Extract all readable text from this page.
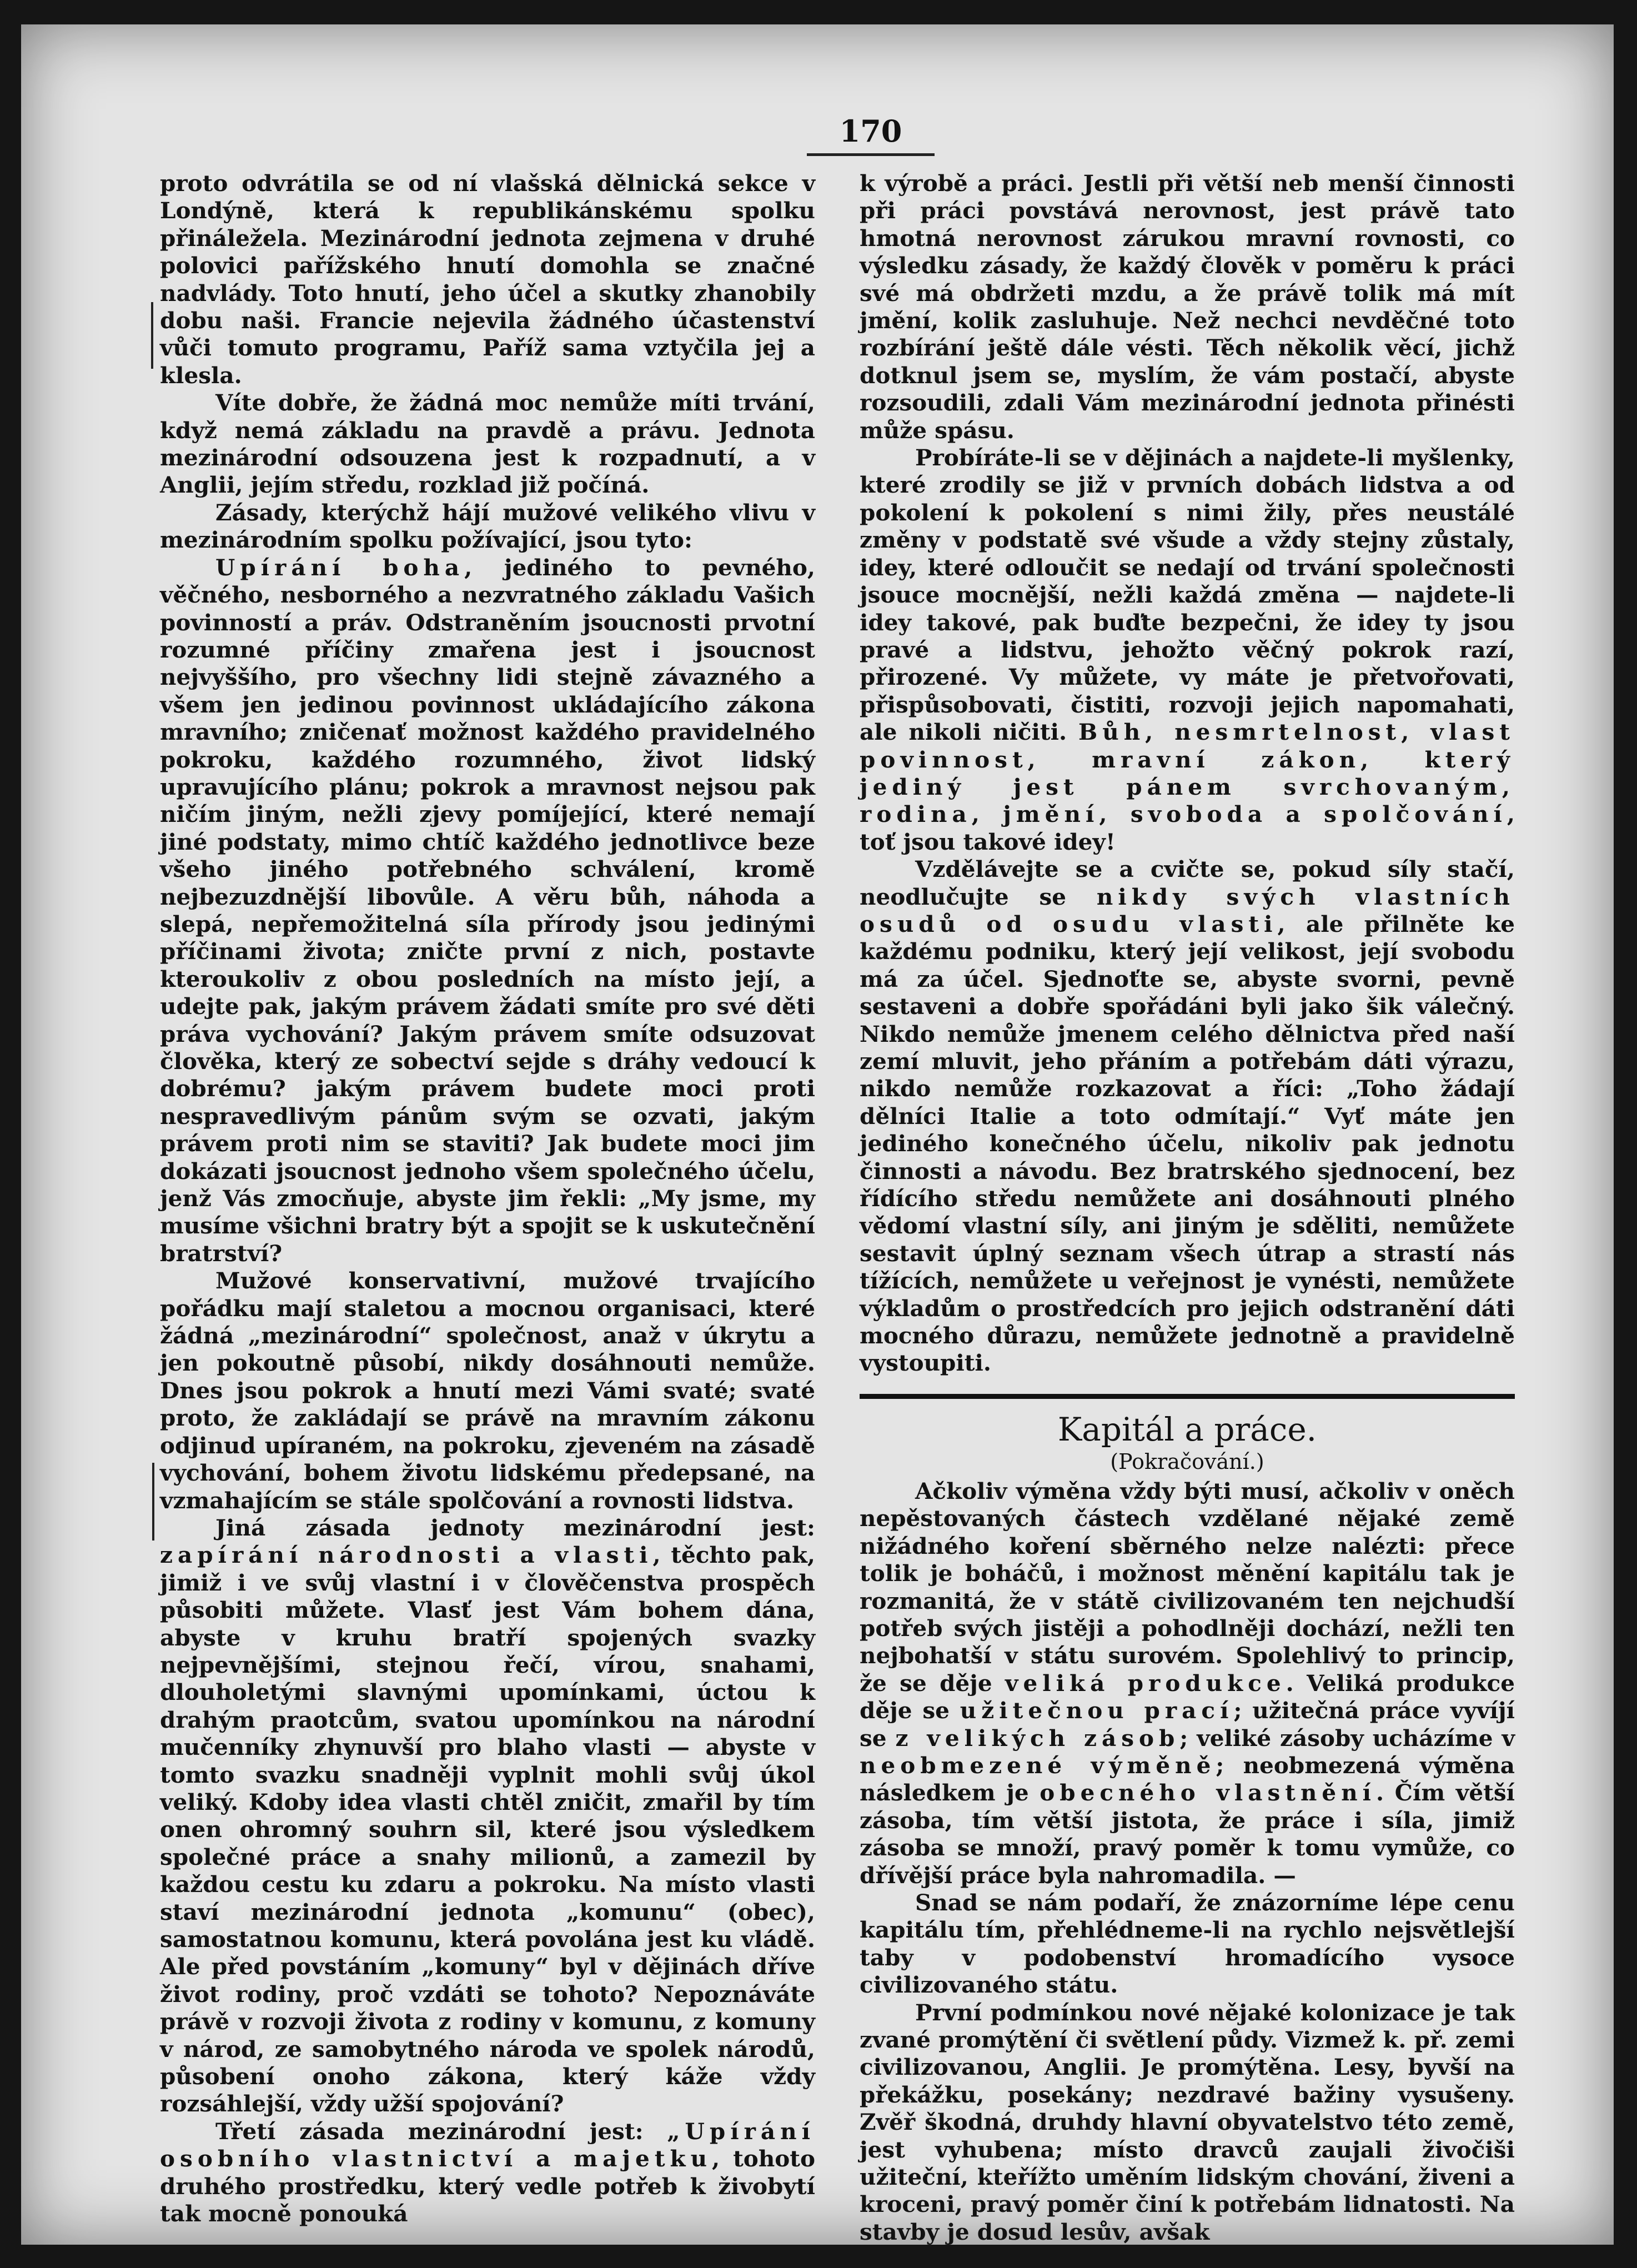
170

proto odvrátila se od ní vlašská dělnická sekce v Londýně, která k republikánskému spolku přináležela. Mezinárodní jednota zejmena v druhé polovici pařížského hnutí domohla se značné nadvlády. Toto hnutí, jeho účel a skutky zhanobily dobu naši. Francie nejevila žádného účastenství vůči tomuto programu, Paříž sama vztyčila jej a klesla.

Víte dobře, že žádná moc nemůže míti trvání, když nemá základu na pravdě a právu. Jednota mezinárodní odsouzena jest k rozpadnutí, a v Anglii, jejím středu, rozklad již počíná.

Zásady, kterýchž hájí mužové velikého vlivu v mezinárodním spolku požívající, jsou tyto:

Upírání boha, jediného to pevného, věčného, nesborného a nezvratného základu Vašich povinností a práv. Odstraněním jsoucnosti prvotní rozumné příčiny zmařena jest i jsoucnost nejvyššího, pro všechny lidi stejně závazného a všem jen jedinou povinnost ukládajícího zákona mravního; zničenať možnost každého pravidelného pokroku, každého rozumného, život lidský upravujícího plánu; pokrok a mravnost nejsou pak ničím jiným, nežli zjevy pomíjející, které nemají jiné podstaty, mimo chtíč každého jednotlivce beze všeho jiného potřebného schválení, kromě nejbezuzdnější libovůle. A věru bůh, náhoda a slepá, nepřemožitelná síla přírody jsou jedinými příčinami života; zničte první z nich, postavte kteroukoliv z obou posledních na místo její, a udejte pak, jakým právem žádati smíte pro své děti práva vychování? Jakým právem smíte odsuzovat člověka, který ze sobectví sejde s dráhy vedoucí k dobrému? jakým právem budete moci proti nespravedlivým pánům svým se ozvati, jakým právem proti nim se staviti? Jak budete moci jim dokázati jsoucnost jednoho všem společného účelu, jenž Vás zmocňuje, abyste jim řekli: „My jsme, my musíme všichni bratry být a spojit se k uskutečnění bratrství?

Mužové konservativní, mužové trvajícího pořádku mají staletou a mocnou organisaci, které žádná „mezinárodní“ společnost, anaž v úkrytu a jen pokoutně působí, nikdy dosáhnouti nemůže. Dnes jsou pokrok a hnutí mezi Vámi svaté; svaté proto, že zakládají se právě na mravním zákonu odjinud upíraném, na pokroku, zjeveném na zásadě vychování, bohem životu lidskému předepsané, na vzmahajícím se stále spolčování a rovnosti lidstva.

Jiná zásada jednoty mezinárodní jest: zapírání národnosti a vlasti, těchto pak, jimiž i ve svůj vlastní i v člověčenstva prospěch působiti můžete. Vlasť jest Vám bohem dána, abyste v kruhu bratří spojených svazky nejpevnějšími, stejnou řečí, vírou, snahami, dlouholetými slavnými upomínkami, úctou k drahým praotcům, svatou upomínkou na národní mučenníky zhynuvší pro blaho vlasti — abyste v tomto svazku snadněji vyplnit mohli svůj úkol veliký. Kdoby idea vlasti chtěl zničit, zmařil by tím onen ohromný souhrn sil, které jsou výsledkem společné práce a snahy milionů, a zamezil by každou cestu ku zdaru a pokroku. Na místo vlasti staví mezinárodní jednota „komunu“ (obec), samostatnou komunu, která povolána jest ku vládě. Ale před povstáním „komuny“ byl v dějinách dříve život rodiny, proč vzdáti se tohoto? Nepoznáváte právě v rozvoji života z rodiny v komunu, z komuny v národ, ze samobytného národa ve spolek národů, působení onoho zákona, který káže vždy rozsáhlejší, vždy užší spojování?

Třetí zásada mezinárodní jest: „Upírání osobního vlastnictví a majetku, tohoto druhého prostředku, který vedle potřeb k živobytí tak mocně ponouká

k výrobě a práci. Jestli při větší neb menší činnosti při práci povstává nerovnost, jest právě tato hmotná nerovnost zárukou mravní rovnosti, co výsledku zásady, že každý člověk v poměru k práci své má obdržeti mzdu, a že právě tolik má mít jmění, kolik zasluhuje. Než nechci nevděčné toto rozbírání ještě dále vésti. Těch několik věcí, jichž dotknul jsem se, myslím, že vám postačí, abyste rozsoudili, zdali Vám mezinárodní jednota přinésti může spásu.

Probíráte-li se v dějinách a najdete-li myšlenky, které zrodily se již v prvních dobách lidstva a od pokolení k pokolení s nimi žily, přes neustálé změny v podstatě své všude a vždy stejny zůstaly, idey, které odloučit se nedají od trvání společnosti jsouce mocnější, nežli každá změna — najdete-li idey takové, pak buďte bezpečni, že idey ty jsou pravé a lidstvu, jehožto věčný pokrok razí, přirozené. Vy můžete, vy máte je přetvořovati, přispůsobovati, čistiti, rozvoji jejich napomahati, ale nikoli ničiti. Bůh, nesmrtelnost, vlast povinnost, mravní zákon, který jediný jest pánem svrchovaným, rodina, jmění, svoboda a spolčování, toť jsou takové idey!

Vzdělávejte se a cvičte se, pokud síly stačí, neodlučujte se nikdy svých vlastních osudů od osudu vlasti, ale přilněte ke každému podniku, který její velikost, její svobodu má za účel. Sjednoťte se, abyste svorni, pevně sestaveni a dobře spořádáni byli jako šik válečný. Nikdo nemůže jmenem celého dělnictva před naší zemí mluvit, jeho přáním a potřebám dáti výrazu, nikdo nemůže rozkazovat a říci: „Toho žádají dělníci Italie a toto odmítají.“ Vyť máte jen jediného konečného účelu, nikoliv pak jednotu činnosti a návodu. Bez bratrského sjednocení, bez řídícího středu nemůžete ani dosáhnouti plného vědomí vlastní síly, ani jiným je sděliti, nemůžete sestavit úplný seznam všech útrap a strastí nás tížících, nemůžete u veřejnost je vynésti, nemůžete výkladům o prostředcích pro jejich odstranění dáti mocného důrazu, nemůžete jednotně a pravidelně vystoupiti.

Kapitál a práce.
(Pokračování.)

Ačkoliv výměna vždy býti musí, ačkoliv v oněch nepěstovaných částech vzdělané nějaké země nižádného koření sběrného nelze nalézti: přece tolik je boháčů, i možnost měnění kapitálu tak je rozmanitá, že v státě civilizovaném ten nejchudší potřeb svých jistěji a pohodlněji dochází, nežli ten nejbohatší v státu surovém. Spolehlivý to princip, že se děje veliká produkce. Veliká produkce děje se užitečnou prací; užitečná práce vyvíjí se z velikých zásob; veliké zásoby ucházíme v neobmezené výměně; neobmezená výměna následkem je obecného vlastnění. Čím větší zásoba, tím větší jistota, že práce i síla, jimiž zásoba se množí, pravý poměr k tomu vymůže, co dřívější práce byla nahromadila. —

Snad se nám podaří, že znázorníme lépe cenu kapitálu tím, přehlédneme-li na rychlo nejsvětlejší taby v podobenství hromadícího vysoce civilizovaného státu.

První podmínkou nové nějaké kolonizace je tak zvané promýtění či světlení půdy. Vizmež k. př. zemi civilizovanou, Anglii. Je promýtěna. Lesy, byvší na překážku, posekány; nezdravé bažiny vysušeny. Zvěř škodná, druhdy hlavní obyvatelstvo této země, jest vyhubena; místo dravců zaujali živočiši užiteční, kteřížto uměním lidským chování, živeni a kroceni, pravý poměr činí k potřebám lidnatosti. Na stavby je dosud lesův, avšak
